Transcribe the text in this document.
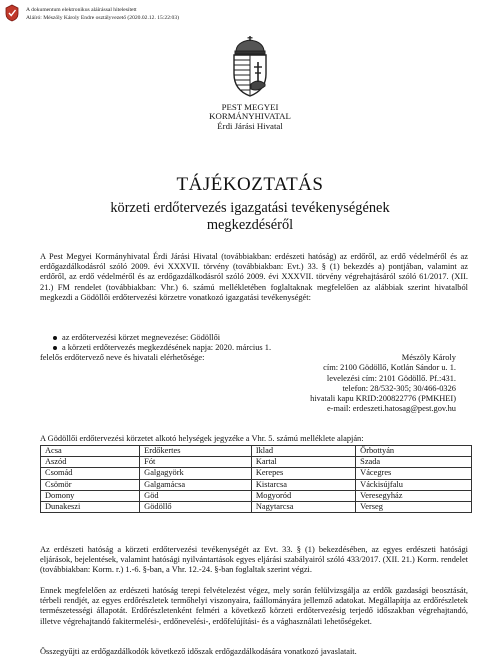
A dokumentum elektronikus aláírással hitelesített
Aláíró: Mészöly Károly Endre osztályvezető (2020.02.12. 15:22:03)
PEST MEGYEI
KORMÁNYHIVATAL
Érdi Járási Hivatal
TÁJÉKOZTATÁS
körzeti erdőtervezés igazgatási tevékenységének
megkezdéséről
A Pest Megyei Kormányhivatal Érdi Járási Hivatal (továbbiakban: erdészeti hatóság) az erdőről, az erdő védelméről és az erdőgazdálkodásról szóló 2009. évi XXXVII. törvény (továbbiakban: Evt.) 33. § (1) bekezdés a) pontjában, valamint az erdőről, az erdő védelméről és az erdőgazdálkodásról szóló 2009. évi XXXVII. törvény végrehajtásáról szóló 61/2017. (XII. 21.) FM rendelet (továbbiakban: Vhr.) 6. számú mellékletében foglaltaknak megfelelően az alábbiak szerint hivatalból megkezdi a Gödöllői erdőtervezési körzetre vonatkozó igazgatási tevékenységét:
az erdőtervezési körzet megnevezése: Gödöllői
a körzeti erdőtervezés megkezdésének napja: 2020. március 1.
felelős erdőtervező neve és hivatali elérhetősége:	Mészöly Károly
cím: 2100 Gödöllő, Kotlán Sándor u. 1.
levelezési cím: 2101 Gödöllő. Pf.:431.
telefon: 28/532-305; 30/466-0326
hivatali kapu KRID:200822776 (PMKHEI)
e-mail: erdeszeti.hatosag@pest.gov.hu
A Gödöllői erdőtervezési körzetet alkotó helységek jegyzéke a Vhr. 5. számú melléklete alapján:
Acsa	Erdőkertes	Iklad	Őrbottyán
Aszód	Fót	Kartal	Szada
Csomád	Galgagyörk	Kerepes	Vácegres
Csömör	Galgamácsa	Kistarcsa	Váckisújfalu
Domony	Göd	Mogyoród	Veresegyház
Dunakeszi	Gödöllő	Nagytarcsa	Verseg
Az erdészeti hatóság a körzeti erdőtervezési tevékenységét az Evt. 33. § (1) bekezdésében, az egyes erdészeti hatósági eljárások, bejelentések, valamint hatósági nyilvántartások egyes eljárási szabályairól szóló 433/2017. (XII. 21.) Korm. rendelet (továbbiakban: Korm. r.) 1.-6. §-ban, a Vhr. 12.-24. §-ban foglaltak szerint végzi.
Ennek megfelelően az erdészeti hatóság terepi felvételezést végez, mely során felülvizsgálja az erdők gazdasági beosztását, térbeli rendjét, az egyes erdőrészletek termőhelyi viszonyaira, faállományára jellemző adatokat. Megállapítja az erdőrészletek természetességi állapotát. Erdőrészletenként felméri a következő körzeti erdőtervezésig terjedő időszakban végrehajtandó, illetve végrehajtandó fakitermelési-, erdőnevelési-, erdőfelújítási- és a vághasználati lehetőségeket.
Összegyűjti az erdőgazdálkodók következő időszak erdőgazdálkodására vonatkozó javaslatait.
